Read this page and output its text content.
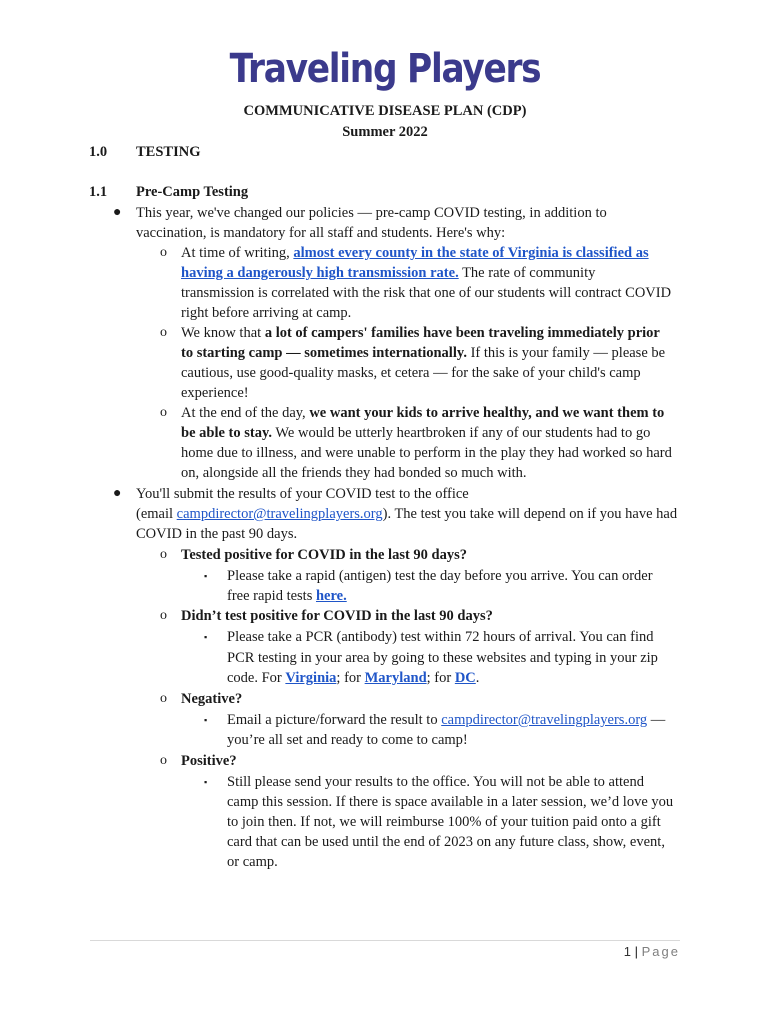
Traveling Players
COMMUNICATIVE DISEASE PLAN (CDP)
Summer 2022
1.0 TESTING
1.1 Pre-Camp Testing
● This year, we've changed our policies — pre-camp COVID testing, in addition to
vaccination, is mandatory for all staff and students. Here's why:
o At time of writing, almost every county in the state of Virginia is classified as
having a dangerously high transmission rate. The rate of community
transmission is correlated with the risk that one of our students will contract COVID
right before arriving at camp.
o We know that a lot of campers' families have been traveling immediately prior
to starting camp — sometimes internationally. If this is your family — please be
cautious, use good-quality masks, et cetera — for the sake of your child's camp
experience!
o At the end of the day, we want your kids to arrive healthy, and we want them to
be able to stay. We would be utterly heartbroken if any of our students had to go
home due to illness, and were unable to perform in the play they had worked so hard
on, alongside all the friends they had bonded so much with.
● You'll submit the results of your COVID test to the office
(email campdirector@travelingplayers.org). The test you take will depend on if you have had
COVID in the past 90 days.
o Tested positive for COVID in the last 90 days?
▪ Please take a rapid (antigen) test the day before you arrive. You can order
free rapid tests here.
o Didn’t test positive for COVID in the last 90 days?
▪ Please take a PCR (antibody) test within 72 hours of arrival. You can find
PCR testing in your area by going to these websites and typing in your zip
code. For Virginia; for Maryland; for DC.
o Negative?
▪ Email a picture/forward the result to campdirector@travelingplayers.org —
you’re all set and ready to come to camp!
o Positive?
▪ Still please send your results to the office. You will not be able to attend
camp this session. If there is space available in a later session, we’d love you
to join then. If not, we will reimburse 100% of your tuition paid onto a gift
card that can be used until the end of 2023 on any future class, show, event,
or camp.
1 | Page
